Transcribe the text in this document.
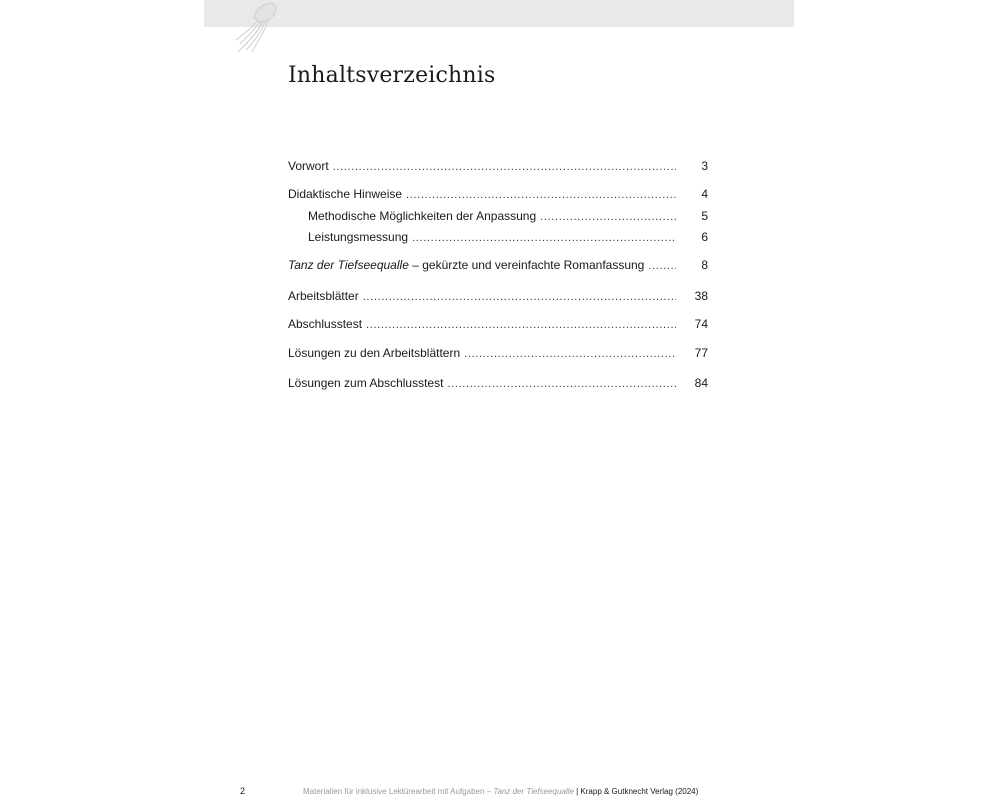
Inhaltsverzeichnis
Vorwort . . .	3
Didaktische Hinweise . . .	4
Methodische Möglichkeiten der Anpassung . . .	5
Leistungsmessung . . .	6
Tanz der Tiefseequalle – gekürzte und vereinfachte Romanfassung . . .	8
Arbeitsblätter . . .	38
Abschlusstest . . .	74
Lösungen zu den Arbeitsblättern . . .	77
Lösungen zum Abschlusstest . . .	84
2	Materialien für inklusive Lektürearbeit mit Aufgaben – Tanz der Tiefseequalle | Krapp & Gutknecht Verlag (2024)
